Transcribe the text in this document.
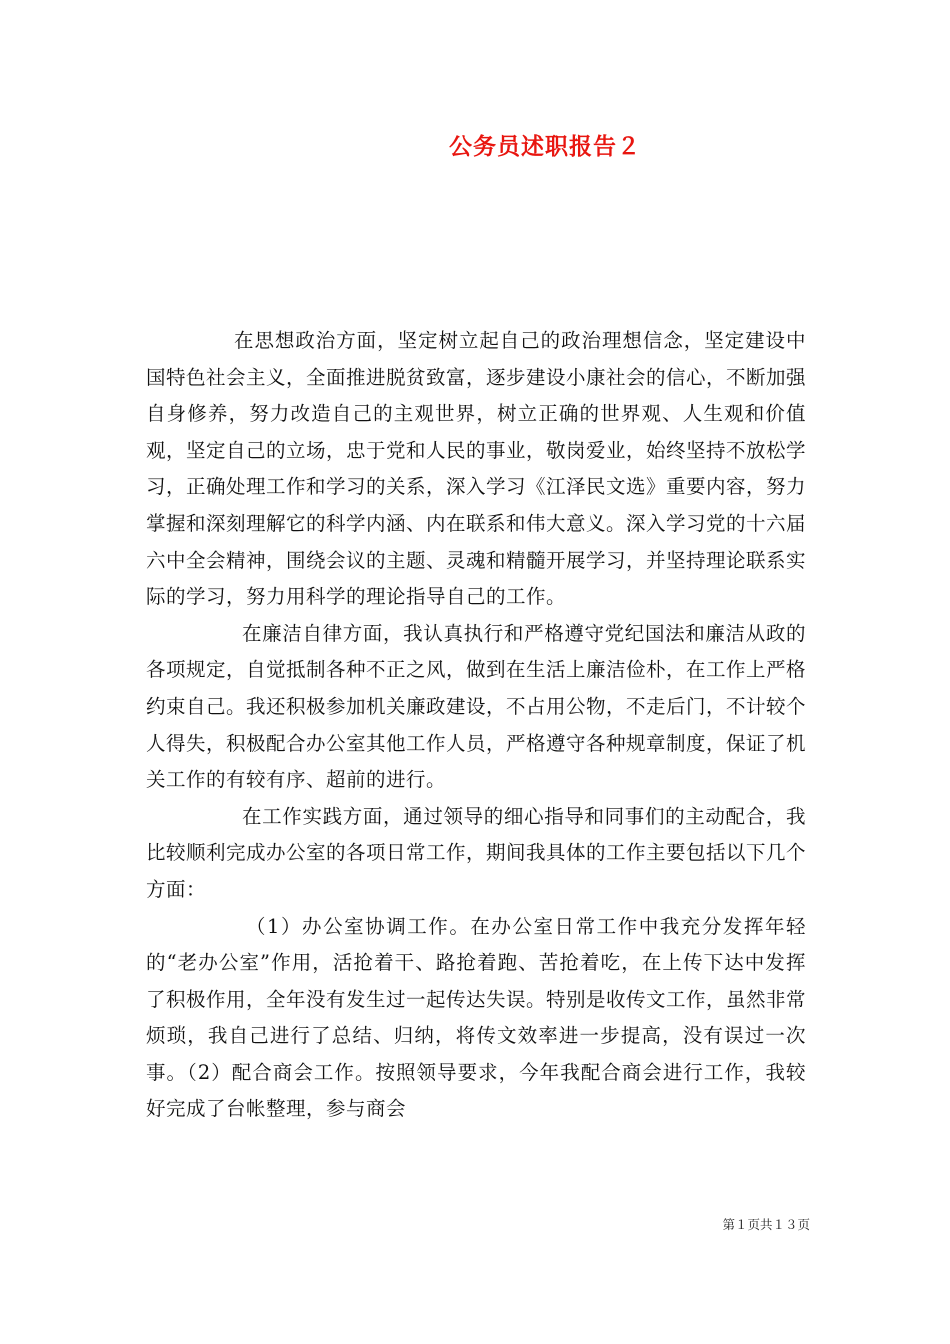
公务员述职报告２

在思想政治方面，坚定树立起自己的政治理想信念，坚定建设中国特色社会主义，全面推进脱贫致富，逐步建设小康社会的信心，不断加强自身修养，努力改造自己的主观世界，树立正确的世界观、人生观和价值观，坚定自己的立场，忠于党和人民的事业，敬岗爱业，始终坚持不放松学习，正确处理工作和学习的关系，深入学习《江泽民文选》重要内容，努力掌握和深刻理解它的科学内涵、内在联系和伟大意义。深入学习党的十六届六中全会精神，围绕会议的主题、灵魂和精髓开展学习，并坚持理论联系实际的学习，努力用科学的理论指导自己的工作。

在廉洁自律方面，我认真执行和严格遵守党纪国法和廉洁从政的各项规定，自觉抵制各种不正之风，做到在生活上廉洁俭朴，在工作上严格约束自己。我还积极参加机关廉政建设，不占用公物，不走后门，不计较个人得失，积极配合办公室其他工作人员，严格遵守各种规章制度，保证了机关工作的有较有序、超前的进行。

在工作实践方面，通过领导的细心指导和同事们的主动配合，我比较顺利完成办公室的各项日常工作，期间我具体的工作主要包括以下几个方面：

（1）办公室协调工作。在办公室日常工作中我充分发挥年轻的“老办公室”作用，活抢着干、路抢着跑、苦抢着吃，在上传下达中发挥了积极作用，全年没有发生过一起传达失误。特别是收传文工作，虽然非常烦琐，我自己进行了总结、归纳，将传文效率进一步提高，没有误过一次事。（2）配合商会工作。按照领导要求，今年我配合商会进行工作，我较好完成了台帐整理，参与商会

第１页共１３页
